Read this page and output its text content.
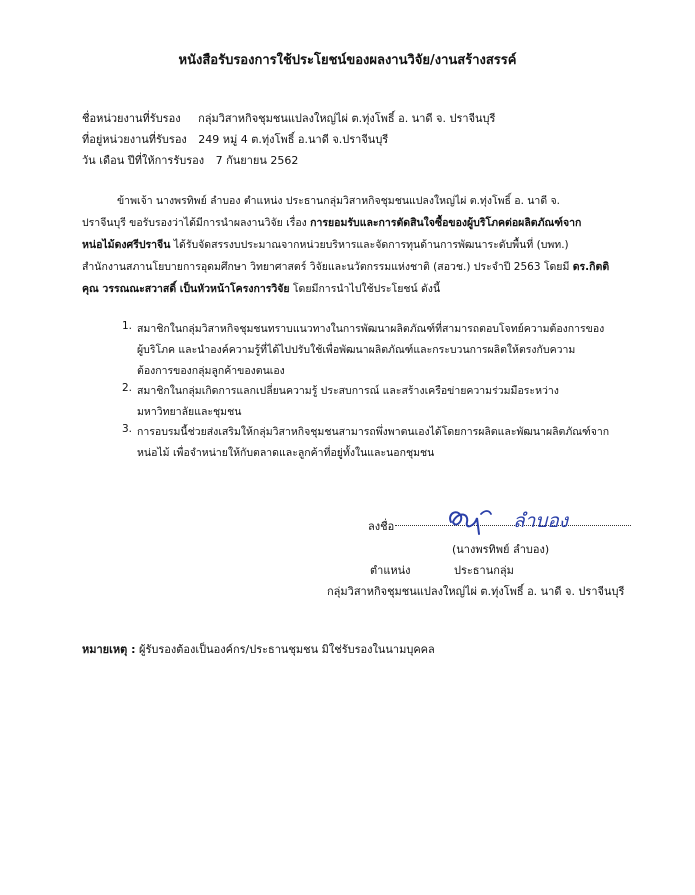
หนังสือรับรองการใช้ประโยชน์ของผลงานวิจัย/งานสร้างสรรค์
ชื่อหน่วยงานที่รับรอง กลุ่มวิสาหกิจชุมชนแปลงใหญ่ไผ่ ต.ทุ่งโพธิ์ อ. นาดี จ. ปราจีนบุรี
ที่อยู่หน่วยงานที่รับรอง 249 หมู่ 4 ต.ทุ่งโพธิ์ อ.นาดี จ.ปราจีนบุรี
วัน เดือน ปีที่ให้การรับรอง 7 กันยายน 2562
ข้าพเจ้า นางพรทิพย์ ลำบอง ตำแหน่ง ประธานกลุ่มวิสาหกิจชุมชนแปลงใหญ่ไผ่ ต.ทุ่งโพธิ์ อ. นาดี จ.
ปราจีนบุรี ขอรับรองว่าได้มีการนำผลงานวิจัย เรื่อง การยอมรับและการตัดสินใจซื้อของผู้บริโภคต่อผลิตภัณฑ์จาก
หน่อไม้ดงศรีปราจีน ได้รับจัดสรรงบประมาณจากหน่วยบริหารและจัดการทุนด้านการพัฒนาระดับพื้นที่ (บพท.)
สำนักงานสภานโยบายการอุดมศึกษา วิทยาศาสตร์ วิจัยและนวัตกรรมแห่งชาติ (สอวช.) ประจำปี 2563 โดยมี ดร.กิตติ
คุณ วรรณณะสวาสดิ์ เป็นหัวหน้าโครงการวิจัย โดยมีการนำไปใช้ประโยชน์ ดังนี้
1. สมาชิกในกลุ่มวิสาหกิจชุมชนทราบแนวทางในการพัฒนาผลิตภัณฑ์ที่สามารถตอบโจทย์ความต้องการของ
ผู้บริโภค และนำองค์ความรู้ที่ได้ไปปรับใช้เพื่อพัฒนาผลิตภัณฑ์และกระบวนการผลิตให้ตรงกับความ
ต้องการของกลุ่มลูกค้าของตนเอง
2. สมาชิกในกลุ่มเกิดการแลกเปลี่ยนความรู้ ประสบการณ์ และสร้างเครือข่ายความร่วมมือระหว่าง
มหาวิทยาลัยและชุมชน
3. การอบรมนี้ช่วยส่งเสริมให้กลุ่มวิสาหกิจชุมชนสามารถพึ่งพาตนเองได้โดยการผลิตและพัฒนาผลิตภัณฑ์จาก
หน่อไม้ เพื่อจำหน่ายให้กับตลาดและลูกค้าที่อยู่ทั้งในและนอกชุมชน
ลงชื่อ	ลำบอง
(นางพรทิพย์ ลำบอง)
ตำแหน่ง	ประธานกลุ่ม
กลุ่มวิสาหกิจชุมชนแปลงใหญ่ไผ่ ต.ทุ่งโพธิ์ อ. นาดี จ. ปราจีนบุรี
หมายเหตุ : ผู้รับรองต้องเป็นองค์กร/ประธานชุมชน มิใช่รับรองในนามบุคคล
